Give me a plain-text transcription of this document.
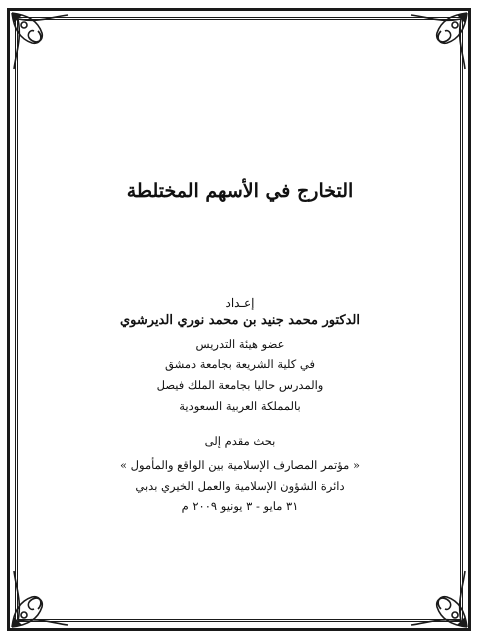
التخارج في الأسهم المختلطة
إعـداد
الدكتور محمد جنيد بن محمد نوري الديرشوي
عضو هيئة التدريس
في كلية الشريعة بجامعة دمشق
والمدرس حاليا بجامعة الملك فيصل
بالمملكة العربية السعودية
بحث مقدم إلى
« مؤتمر المصارف الإسلامية بين الواقع والمأمول »
دائرة الشؤون الإسلامية والعمل الخيري بدبي
٣١ مايو - ٣ يونيو ٢٠٠٩ م
